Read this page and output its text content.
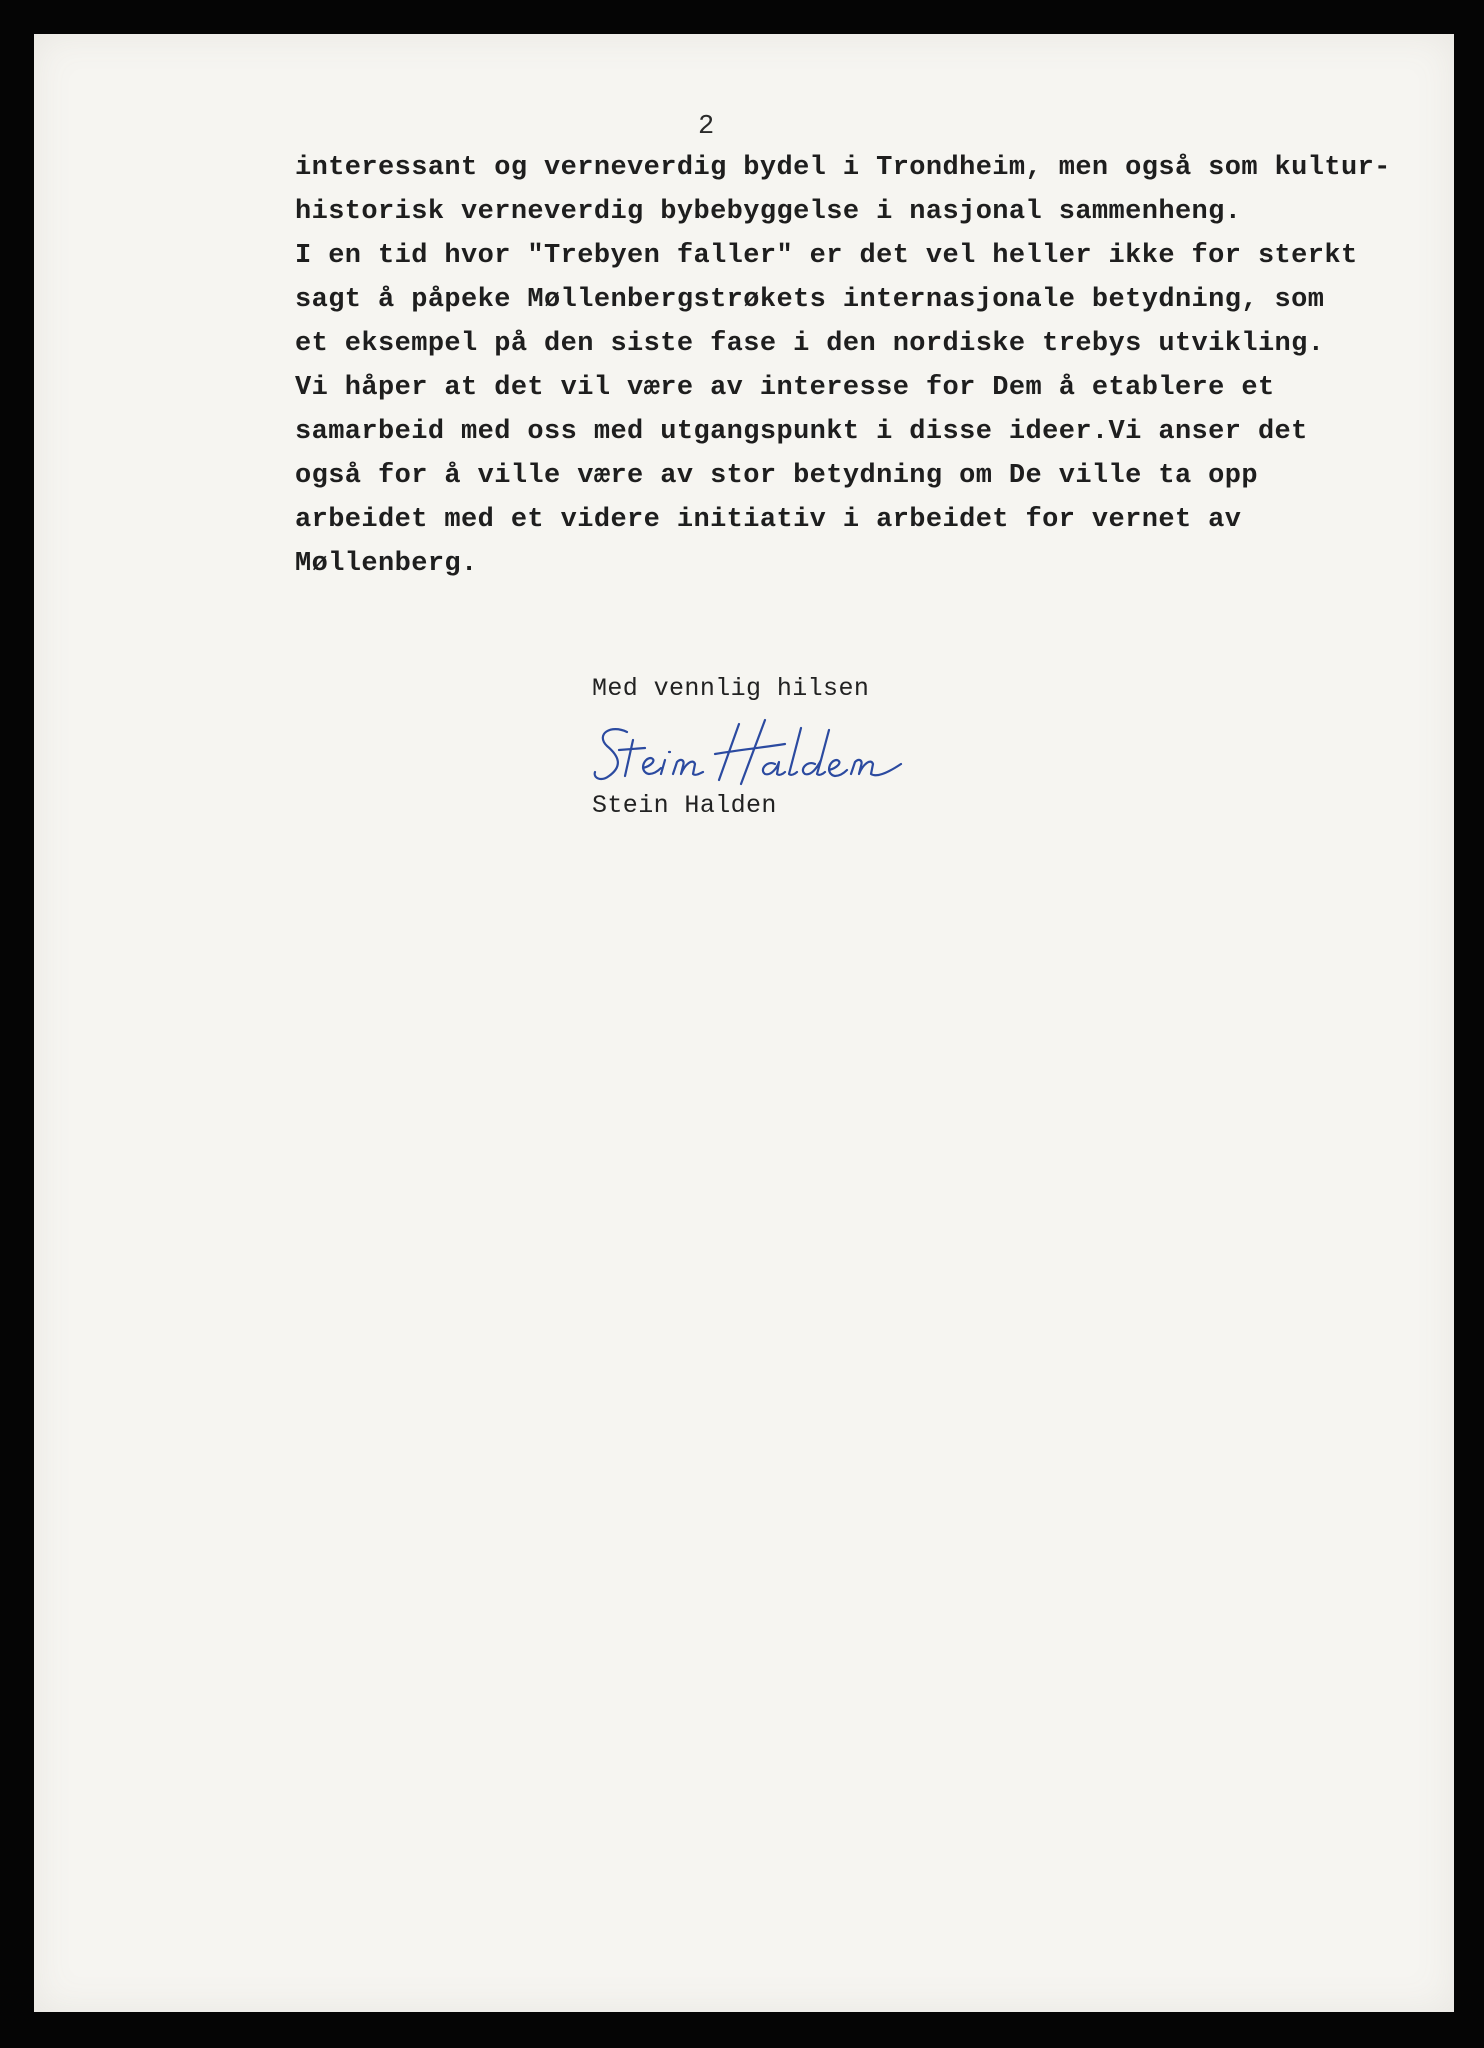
2
interessant og verneverdig bydel i Trondheim, men også som kultur-
historisk verneverdig bybebyggelse i nasjonal sammenheng.
I en tid hvor "Trebyen faller" er det vel heller ikke for sterkt
sagt å påpeke Møllenbergstrøkets internasjonale betydning, som
et eksempel på den siste fase i den nordiske trebys utvikling.
Vi håper at det vil være av interesse for Dem å etablere et
samarbeid med oss med utgangspunkt i disse ideer.Vi anser det
også for å ville være av stor betydning om De ville ta opp
arbeidet med et videre initiativ i arbeidet for vernet av
Møllenberg.
Med vennlig hilsen
Stein Halden
